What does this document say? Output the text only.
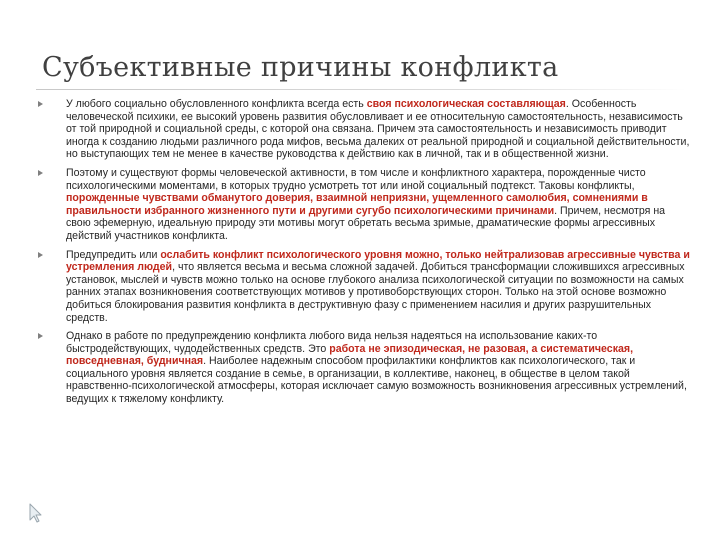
Субъективные причины конфликта
У любого социально обусловленного конфликта всегда есть своя психологическая составляющая. Особенность человеческой психики, ее высокий уровень развития обусловливает и ее относительную самостоятельность, независимость от той природной и социальной среды, с которой она связана. Причем эта самостоятельность и независимость приводит иногда к созданию людьми различного рода мифов, весьма далеких от реальной природной и социальной действительности, но выступающих тем не менее в качестве руководства к действию как в личной, так и в общественной жизни.
Поэтому и существуют формы человеческой активности, в том числе и конфликтного характера, порожденные чисто психологическими моментами, в которых трудно усмотреть тот или иной социальный подтекст. Таковы конфликты, порожденные чувствами обманутого доверия, взаимной неприязни, ущемленного самолюбия, сомнениями в правильности избранного жизненного пути и другими сугубо психологическими причинами. Причем, несмотря на свою эфемерную, идеальную природу эти мотивы могут обретать весьма зримые, драматические формы агрессивных действий участников конфликта.
Предупредить или ослабить конфликт психологического уровня можно, только нейтрализовав агрессивные чувства и устремления людей, что является весьма и весьма сложной задачей. Добиться трансформации сложившихся агрессивных установок, мыслей и чувств можно только на основе глубокого анализа психологической ситуации по возможности на самых ранних этапах возникновения соответствующих мотивов у противоборствующих сторон. Только на этой основе возможно добиться блокирования развития конфликта в деструктивную фазу с применением насилия и других разрушительных средств.
Однако в работе по предупреждению конфликта любого вида нельзя надеяться на использование каких-то быстродействующих, чудодейственных средств. Это работа не эпизодическая, не разовая, а систематическая, повседневная, будничная. Наиболее надежным способом профилактики конфликтов как психологического, так и социального уровня является создание в семье, в организации, в коллективе, наконец, в обществе в целом такой нравственно-психологической атмосферы, которая исключает самую возможность возникновения агрессивных устремлений, ведущих к тяжелому конфликту.
